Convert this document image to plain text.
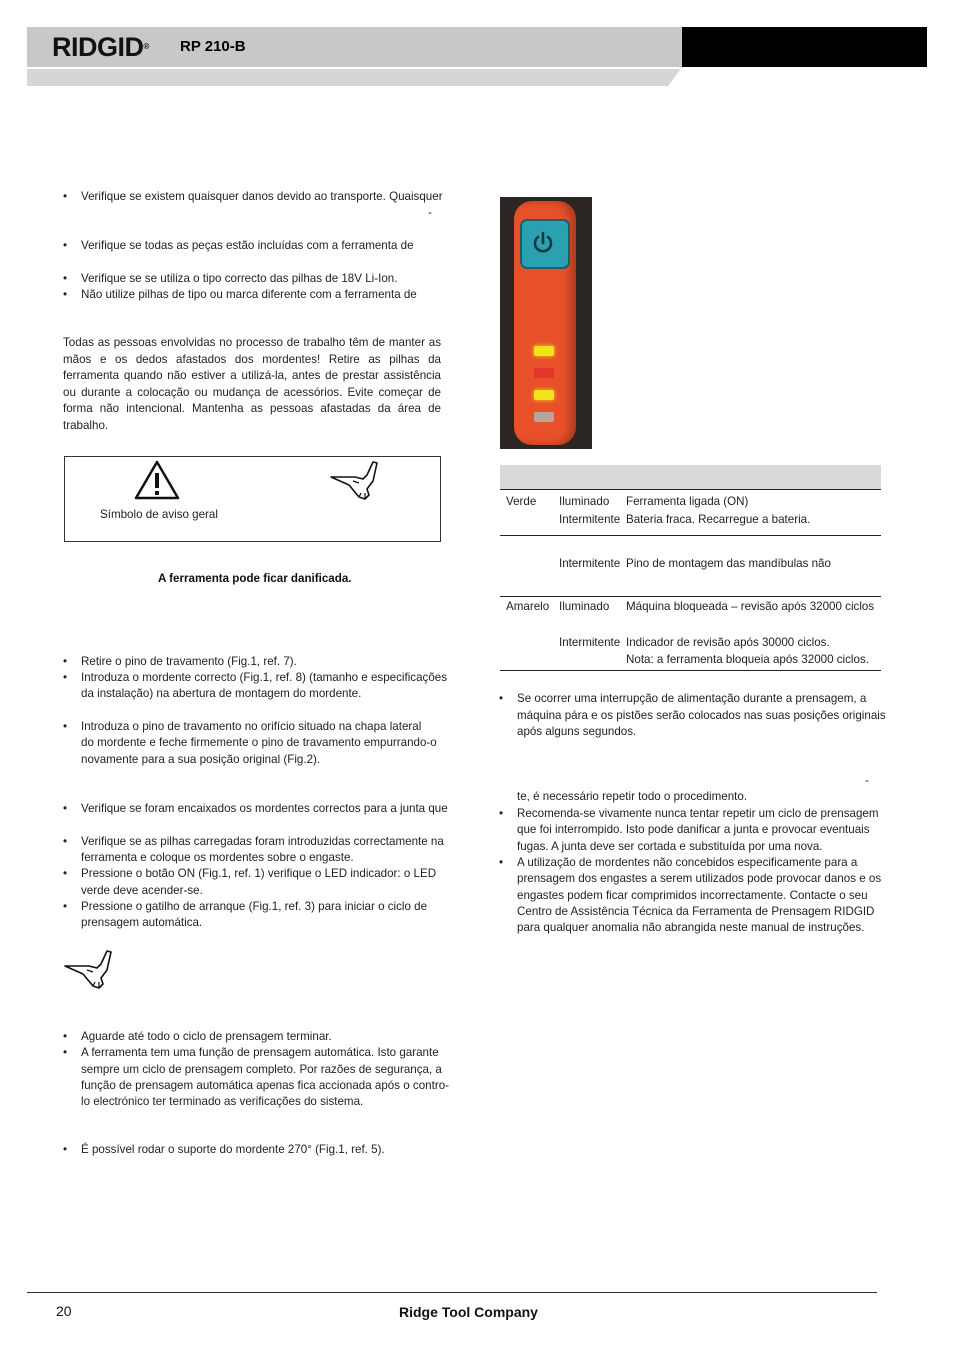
RIDGID® RP 210-B
• Verifique se existem quaisquer danos devido ao transporte. Quaisquer
-
• Verifique se todas as peças estão incluídas com a ferramenta de
• Verifique se se utiliza o tipo correcto das pilhas de 18V Li-Ion.
• Não utilize pilhas de tipo ou marca diferente com a ferramenta de
Todas as pessoas envolvidas no processo de trabalho têm de manter as mãos e os dedos afastados dos mordentes! Retire as pilhas da ferramenta quando não estiver a utilizá-la, antes de prestar assistência ou durante a colocação ou mudança de acessórios. Evite começar de forma não intencional. Mantenha as pessoas afastadas da área de trabalho.
Símbolo de aviso geral
A ferramenta pode ficar danificada.
• Retire o pino de travamento (Fig.1, ref. 7).
• Introduza o mordente correcto (Fig.1, ref. 8) (tamanho e especificações
da instalação) na abertura de montagem do mordente.
• Introduza o pino de travamento no orifício situado na chapa lateral
do mordente e feche firmemente o pino de travamento empurrando-o
novamente para a sua posição original (Fig.2).
• Verifique se foram encaixados os mordentes correctos para a junta que
• Verifique se as pilhas carregadas foram introduzidas correctamente na
ferramenta e coloque os mordentes sobre o engaste.
• Pressione o botão ON (Fig.1, ref. 1) verifique o LED indicador: o LED
verde deve acender-se.
• Pressione o gatilho de arranque (Fig.1, ref. 3) para iniciar o ciclo de
prensagem automática.
• Aguarde até todo o ciclo de prensagem terminar.
• A ferramenta tem uma função de prensagem automática. Isto garante
sempre um ciclo de prensagem completo. Por razões de segurança, a
função de prensagem automática apenas fica accionada após o contro-
lo electrónico ter terminado as verificações do sistema.
• É possível rodar o suporte do mordente 270° (Fig.1, ref. 5).
Verde Iluminado Ferramenta ligada (ON)
Intermitente Bateria fraca. Recarregue a bateria.
Intermitente Pino de montagem das mandíbulas não
Amarelo Iluminado Máquina bloqueada – revisão após 32000 ciclos
Intermitente Indicador de revisão após 30000 ciclos.
Nota: a ferramenta bloqueia após 32000 ciclos.
• Se ocorrer uma interrupção de alimentação durante a prensagem, a
máquina pára e os pistões serão colocados nas suas posições originais
após alguns segundos.
-
te, é necessário repetir todo o procedimento.
• Recomenda-se vivamente nunca tentar repetir um ciclo de prensagem
que foi interrompido. Isto pode danificar a junta e provocar eventuais
fugas. A junta deve ser cortada e substituída por uma nova.
• A utilização de mordentes não concebidos especificamente para a
prensagem dos engastes a serem utilizados pode provocar danos e os
engastes podem ficar comprimidos incorrectamente. Contacte o seu
Centro de Assistência Técnica da Ferramenta de Prensagem RIDGID
para qualquer anomalia não abrangida neste manual de instruções.
20	Ridge Tool Company
